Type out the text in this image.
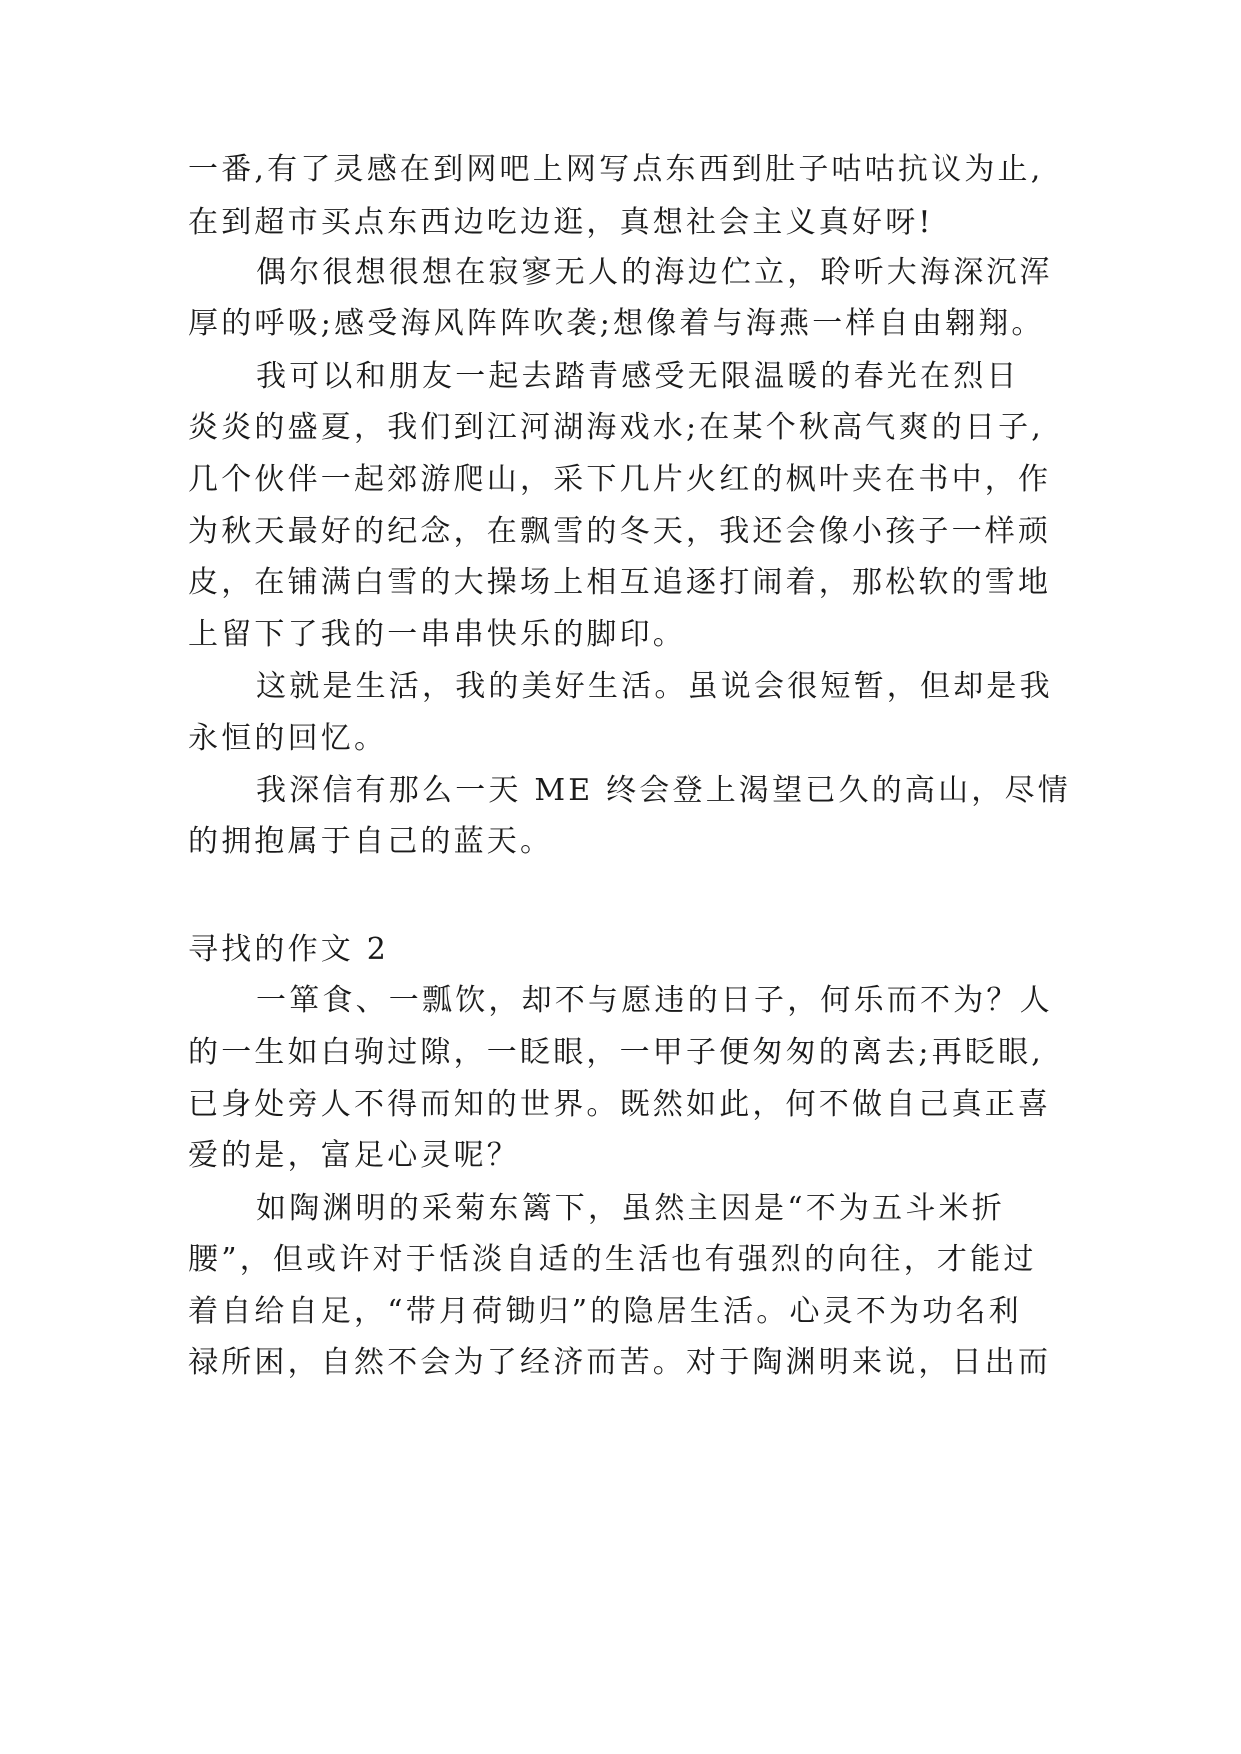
一番,有了灵感在到网吧上网写点东西到肚子咕咕抗议为止,
在到超市买点东西边吃边逛，真想社会主义真好呀!
偶尔很想很想在寂寥无人的海边伫立，聆听大海深沉浑
厚的呼吸;感受海风阵阵吹袭;想像着与海燕一样自由翱翔。
我可以和朋友一起去踏青感受无限温暖的春光在烈日
炎炎的盛夏，我们到江河湖海戏水;在某个秋高气爽的日子,
几个伙伴一起郊游爬山，采下几片火红的枫叶夹在书中，作
为秋天最好的纪念，在飘雪的冬天，我还会像小孩子一样顽
皮，在铺满白雪的大操场上相互追逐打闹着，那松软的雪地
上留下了我的一串串快乐的脚印。
这就是生活，我的美好生活。虽说会很短暂，但却是我
永恒的回忆。
我深信有那么一天 ME 终会登上渴望已久的高山，尽情
的拥抱属于自己的蓝天。
寻找的作文 2
一箪食、一瓢饮，却不与愿违的日子，何乐而不为？人
的一生如白驹过隙，一眨眼，一甲子便匆匆的离去;再眨眼,
已身处旁人不得而知的世界。既然如此，何不做自己真正喜
爱的是，富足心灵呢？
如陶渊明的采菊东篱下，虽然主因是“不为五斗米折
腰”，但或许对于恬淡自适的生活也有强烈的向往，才能过
着自给自足，“带月荷锄归”的隐居生活。心灵不为功名利
禄所困，自然不会为了经济而苦。对于陶渊明来说，日出而
